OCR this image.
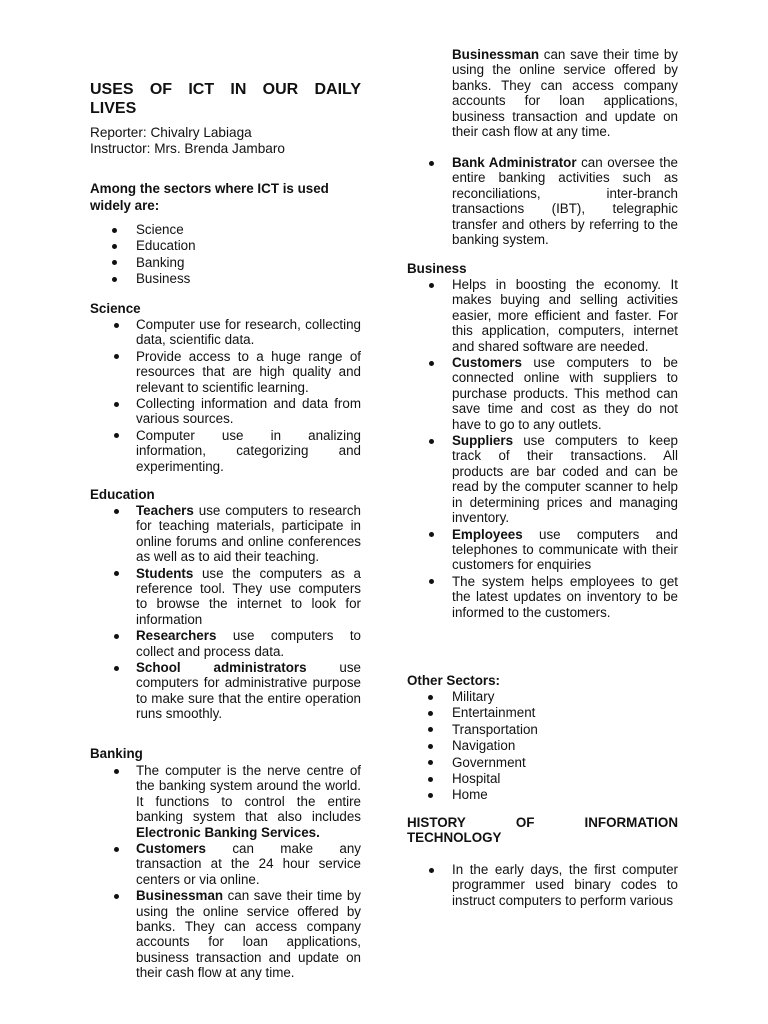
USES OF ICT IN OUR DAILY LIVES
Reporter: Chivalry Labiaga
Instructor: Mrs. Brenda Jambaro
Among the sectors where ICT is used widely are:
Science
Education
Banking
Business
Science
Computer use for research, collecting data, scientific data.
Provide access to a huge range of resources that are high quality and relevant to scientific learning.
Collecting information and data from various sources.
Computer use in analizing information, categorizing and experimenting.
Education
Teachers use computers to research for teaching materials, participate in online forums and online conferences as well as to aid their teaching.
Students use the computers as a reference tool. They use computers to browse the internet to look for information
Researchers use computers to collect and process data.
School administrators use computers for administrative purpose to make sure that the entire operation runs smoothly.
Banking
The computer is the nerve centre of the banking system around the world. It functions to control the entire banking system that also includes Electronic Banking Services.
Customers can make any transaction at the 24 hour service centers or via online.
Businessman can save their time by using the online service offered by banks. They can access company accounts for loan applications, business transaction and update on their cash flow at any time.
Businessman can save their time by using the online service offered by banks. They can access company accounts for loan applications, business transaction and update on their cash flow at any time.
Bank Administrator can oversee the entire banking activities such as reconciliations, inter-branch transactions (IBT), telegraphic transfer and others by referring to the banking system.
Business
Helps in boosting the economy. It makes buying and selling activities easier, more efficient and faster. For this application, computers, internet and shared software are needed.
Customers use computers to be connected online with suppliers to purchase products. This method can save time and cost as they do not have to go to any outlets.
Suppliers use computers to keep track of their transactions. All products are bar coded and can be read by the computer scanner to help in determining prices and managing inventory.
Employees use computers and telephones to communicate with their customers for enquiries
The system helps employees to get the latest updates on inventory to be informed to the customers.
Other Sectors:
Military
Entertainment
Transportation
Navigation
Government
Hospital
Home
HISTORY	OF	INFORMATION
TECHNOLOGY
In the early days, the first computer programmer used binary codes to instruct computers to perform various
